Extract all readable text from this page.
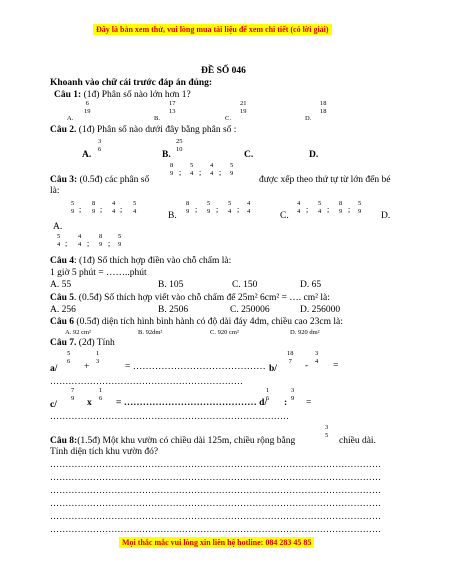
Đây là bản xem thử, vui lòng mua tài liệu để xem chi tiết (có lời giải)
ĐỀ SỐ 046
Khoanh vào chữ cái trước đáp án đúng:
Câu 1: (1đ) Phân số nào lớn hơn 1?
A.
6
19
B.
17
13
C.
21
19
D.
18
18
Câu 2. (1đ) Phân số nào dưới đây bằng phân số :
3
6
A.	B.
25
10
C.	D.
Câu 3: (0.5đ) các phân số
8
9 ;
5
4 ;
4
4 ;
5
9
được xếp theo thứ tự từ lớn đến bé
là:
5
9 ;
8
9 ;
4
4 ;
5
4	B.
8
9 ;
5
9 ;
5
4 ;
4
4	C.
4
4 ;
5
4 ;
8
9 ;
5
9 D.
A.
5
4 ;
4
4 ;
8
9 ;
5
9
Câu 4: (1đ) Số thích hợp điền vào chỗ chấm là:
1 giờ 5 phút = ……..phút
A. 55	B. 105	C. 150	D. 65
Câu 5. (0.5đ) Số thích hợp viết vào chỗ chấm để 25m² 6cm² = …. cm² là:
A. 256	B. 2506	C. 250006	D. 256000
Câu 6 (0.5đ) diện tích hình bình hành có độ dài đáy 4dm, chiều cao 23cm là:
A. 92 cm²	B. 92dm²	C. 920 cm²	D. 920 dm²
Câu 7. (2đ) Tính
a/
5
6
+
1
3
= …………………………………… b/
18
7 -
3
4 =
………………………………………………………
c/
7
9 x
1
6 = …………………………………… d/
1
6 :
3
9 =
……………………………………………………………………
Câu 8:(1.5đ) Một khu vườn có chiều dài 125m, chiều rộng bằng
3
5
chiều dài.
Tính diện tích khu vườn đó?
………………………………………………………………………………………………
………………………………………………………………………………………………
………………………………………………………………………………………………
………………………………………………………………………………………………
………………………………………………………………………………………………
………………………………………………………………………………………………
Mọi thắc mắc vui lòng xin liên hệ hotline: 084 283 45 85
